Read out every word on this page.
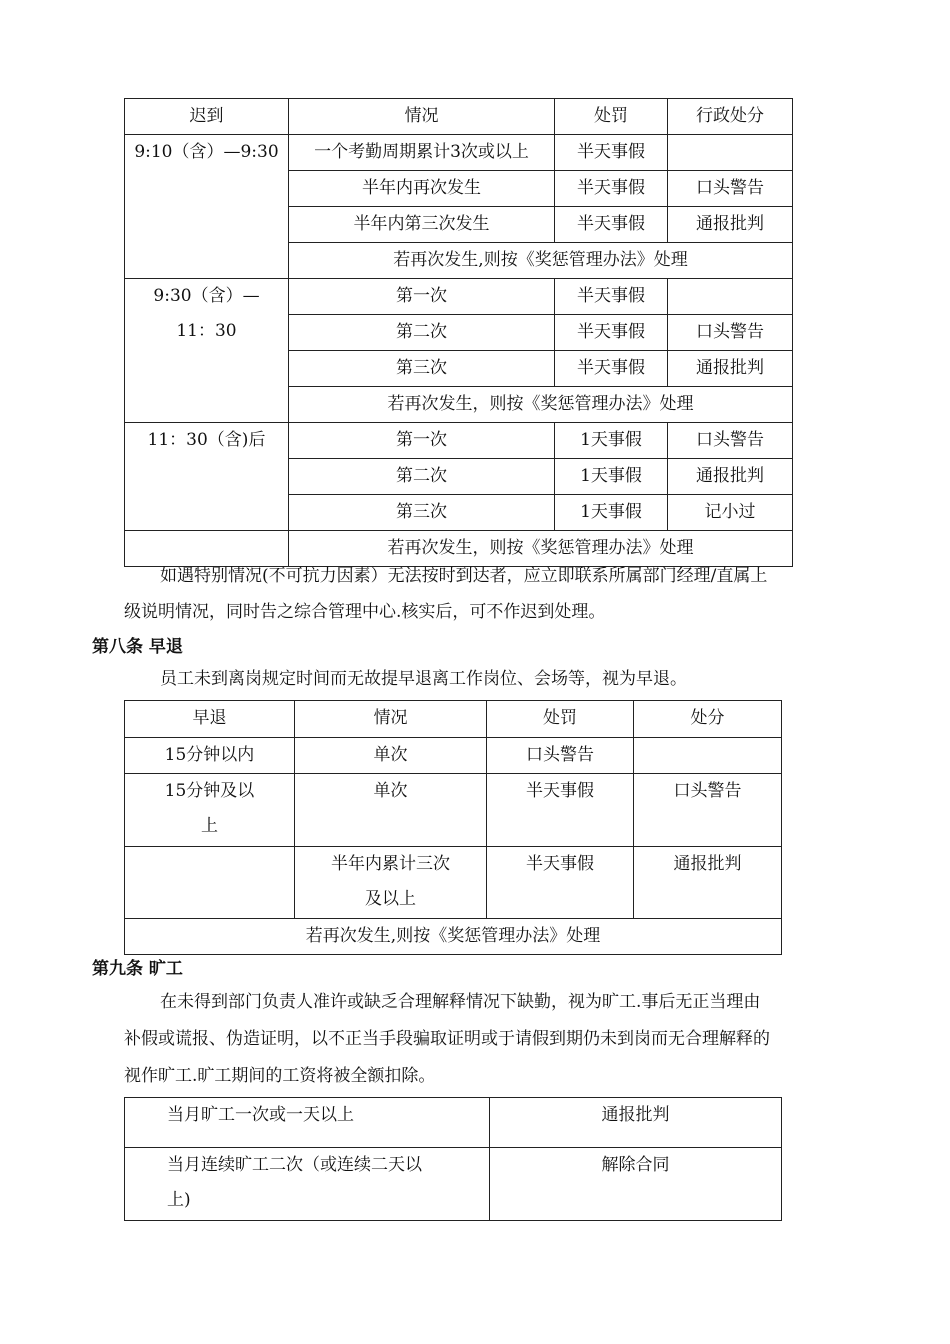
迟到	情况	处罚	行政处分
9:10（含）—9:30	一个考勤周期累计3次或以上	半天事假	
	半年内再次发生	半天事假	口头警告
	半年内第三次发生	半天事假	通报批判
	若再次发生,则按《奖惩管理办法》处理		

9:30（含）—
11：30	第一次	半天事假	
	第二次	半天事假	口头警告
	第三次	半天事假	通报批判
	若再次发生，则按《奖惩管理办法》处理		
11：30（含)后	第一次	1天事假	口头警告
	第二次	1天事假	通报批判
	第三次	1天事假	记小过
	若再次发生，则按《奖惩管理办法》处理		
如遇特别情况(不可抗力因素）无法按时到达者，应立即联系所属部门经理/直属上
级说明情况，同时告之综合管理中心.核实后，可不作迟到处理。
第八条 早退
员工未到离岗规定时间而无故提早退离工作岗位、会场等，视为早退。
早退	情况	处罚	处分
15分钟以内	单次	口头警告	

15分钟及以
上	单次	半天事假	口头警告

	半年内累计三次
及以上	半天事假	通报批判
若再次发生,则按《奖惩管理办法》处理			
第九条 旷工
在未得到部门负责人准许或缺乏合理解释情况下缺勤，视为旷工.事后无正当理由
补假或谎报、伪造证明，以不正当手段骗取证明或于请假到期仍未到岗而无合理解释的
视作旷工.旷工期间的工资将被全额扣除。
当月旷工一次或一天以上	通报批判

当月连续旷工二次（或连续二天以
上)	解除合同
